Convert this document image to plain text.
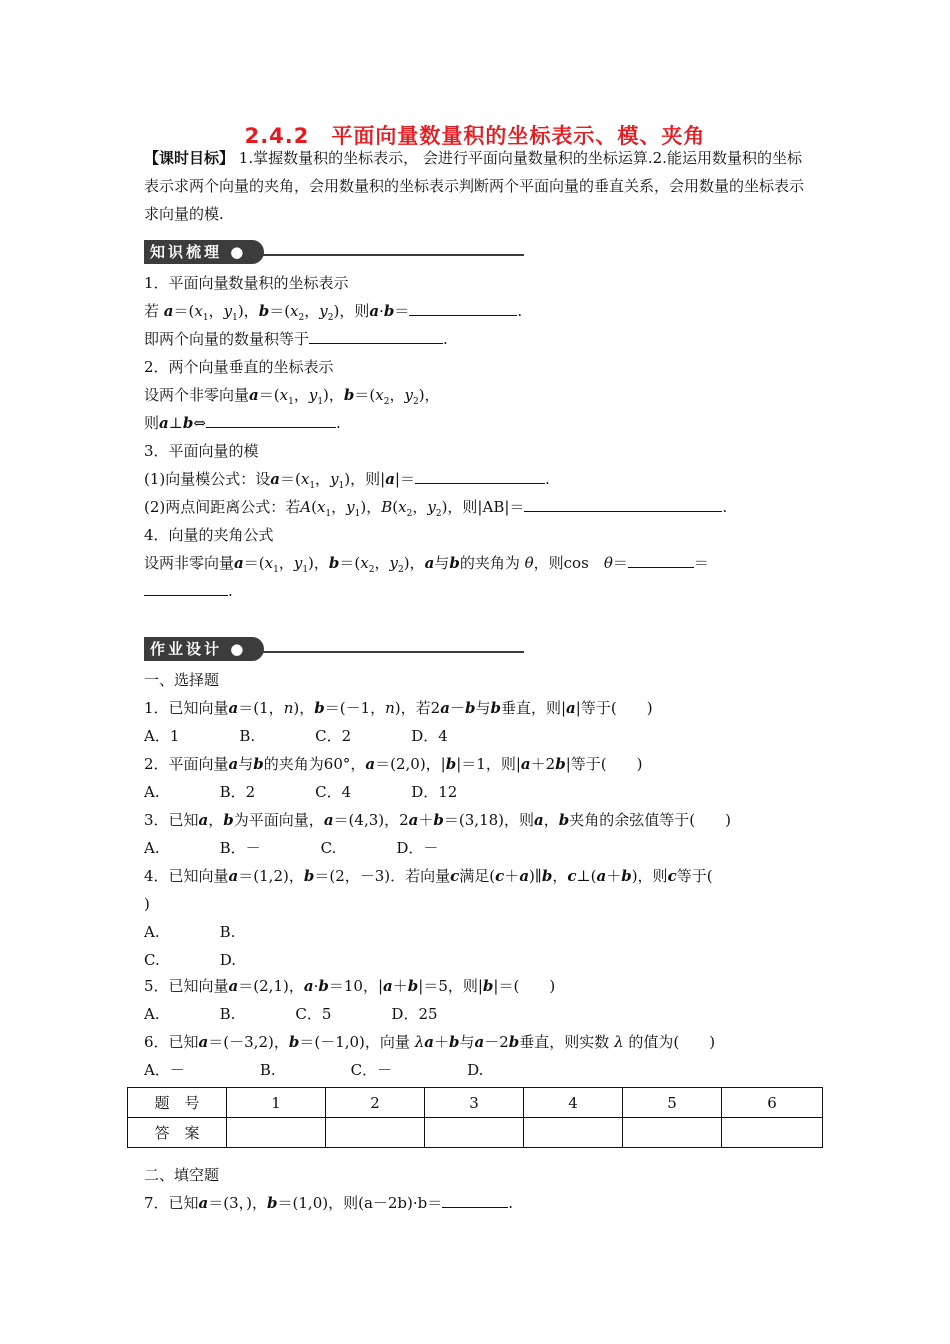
2.4.2　平面向量数量积的坐标表示、模、夹角
【课时目标】 1.掌握数量积的坐标表示， 会进行平面向量数量积的坐标运算.2.能运用数量积的坐标表示求两个向量的夹角，会用数量积的坐标表示判断两个平面向量的垂直关系，会用数量的坐标表示求向量的模.
知识梳理 ●
1．平面向量数量积的坐标表示
若 $a=(x_1$，$y_1$)，$b=(x_2$，$y_2$)，则a·b＝	.
即两个向量的数量积等于	.
2．两个向量垂直的坐标表示
设两个非零向量$a=(x_1$，$y_1$)，$b=(x_2$，$y_2$)，
则a⊥b⇔	.
3．平面向量的模
(1)向量模公式：设$a=(x_1$，$y_1$)，则|a|＝	.
(2)两点间距离公式：若$A(x_1$，$y_1$)，$B(x_2$，$y_2$)，则|AB|＝	.
4．向量的夹角公式
设两非零向量$a=(x_1$，$y_1$)，$b=(x_2$，$y_2$)，a与b的夹角为 θ，则cos　 θ＝	＝
.
作业设计 ●
一、选择题
1．已知向量a＝(1，n)，b＝(－1，n)，若2a－b与b垂直，则|a|等于(　　)
A．1　　　　B.　　　　C．2　　　　D．4
2．平面向量a与b的夹角为60°，a＝(2,0)，|b|＝1，则|a＋2b|等于(　　)
A.　　　　B．2　　　　C．4　　　　D．12
3．已知a，b为平面向量，a＝(4,3)，2a＋b＝(3,18)，则a，b夹角的余弦值等于(　　)
A.　　　　B．－　　　　C.　　　　D．－
4．已知向量a＝(1,2)，b＝(2，－3)．若向量c满足(c＋a)∥b，c⊥(a＋b)，则c等于(
)
A.　　　　B.
C.　　　　D.
5．已知向量a＝(2,1)，a·b＝10，|a＋b|＝5，则|b|＝(　　)
A.　　　　B.　　　　C．5　　　　D．25
6．已知a＝(－3,2)，b＝(－1,0)，向量 λa＋b与a－2b垂直，则实数 λ 的值为(　　)
A．－　　　　　B.　　　　　C．－　　　　　D.
题　号	1	2	3	4	5	6
答　案						
二、填空题
7．已知a＝(3，)，b＝(1,0)，则(a－2b)·b＝	.
